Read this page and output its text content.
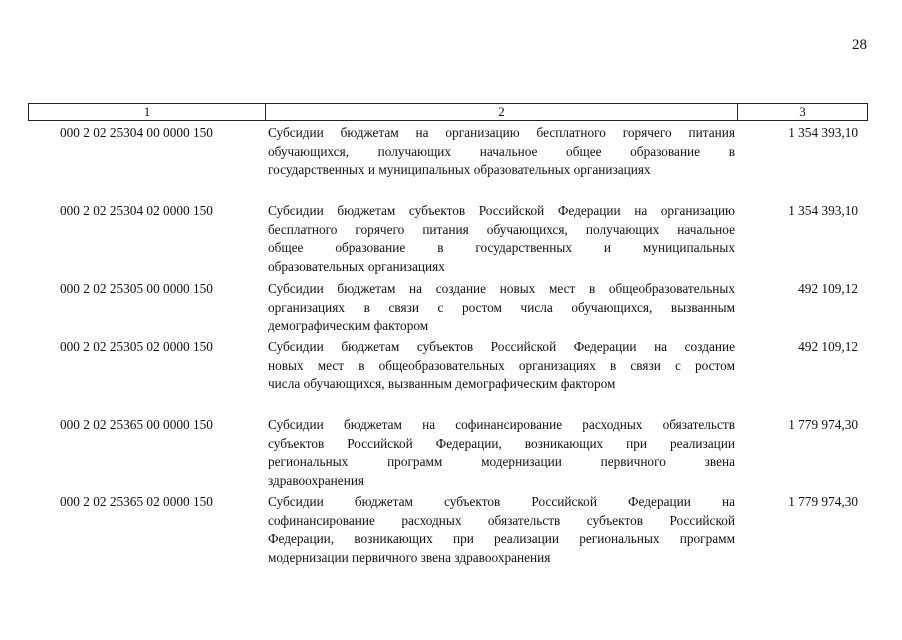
28
1	2	3
000 2 02 25304 00 0000 150	Субсидии бюджетам на организацию бесплатного горячего питания
обучающихся, получающих начальное общее образование в
государственных и муниципальных образовательных организациях
1 354 393,10
000 2 02 25304 02 0000 150	Субсидии бюджетам субъектов Российской Федерации на организацию
бесплатного горячего питания обучающихся, получающих начальное
общее образование в государственных и муниципальных
образовательных организациях
1 354 393,10
000 2 02 25305 00 0000 150	Субсидии бюджетам на создание новых мест в общеобразовательных
организациях в связи с ростом числа обучающихся, вызванным
демографическим фактором
492 109,12
000 2 02 25305 02 0000 150	Субсидии бюджетам субъектов Российской Федерации на создание
новых мест в общеобразовательных организациях в связи с ростом
числа обучающихся, вызванным демографическим фактором
492 109,12
000 2 02 25365 00 0000 150	Субсидии бюджетам на софинансирование расходных обязательств
субъектов Российской Федерации, возникающих при реализации
региональных программ модернизации первичного звена
здравоохранения
1 779 974,30
000 2 02 25365 02 0000 150	Субсидии бюджетам субъектов Российской Федерации на
софинансирование расходных обязательств субъектов Российской
Федерации, возникающих при реализации региональных программ
модернизации первичного звена здравоохранения
1 779 974,30
